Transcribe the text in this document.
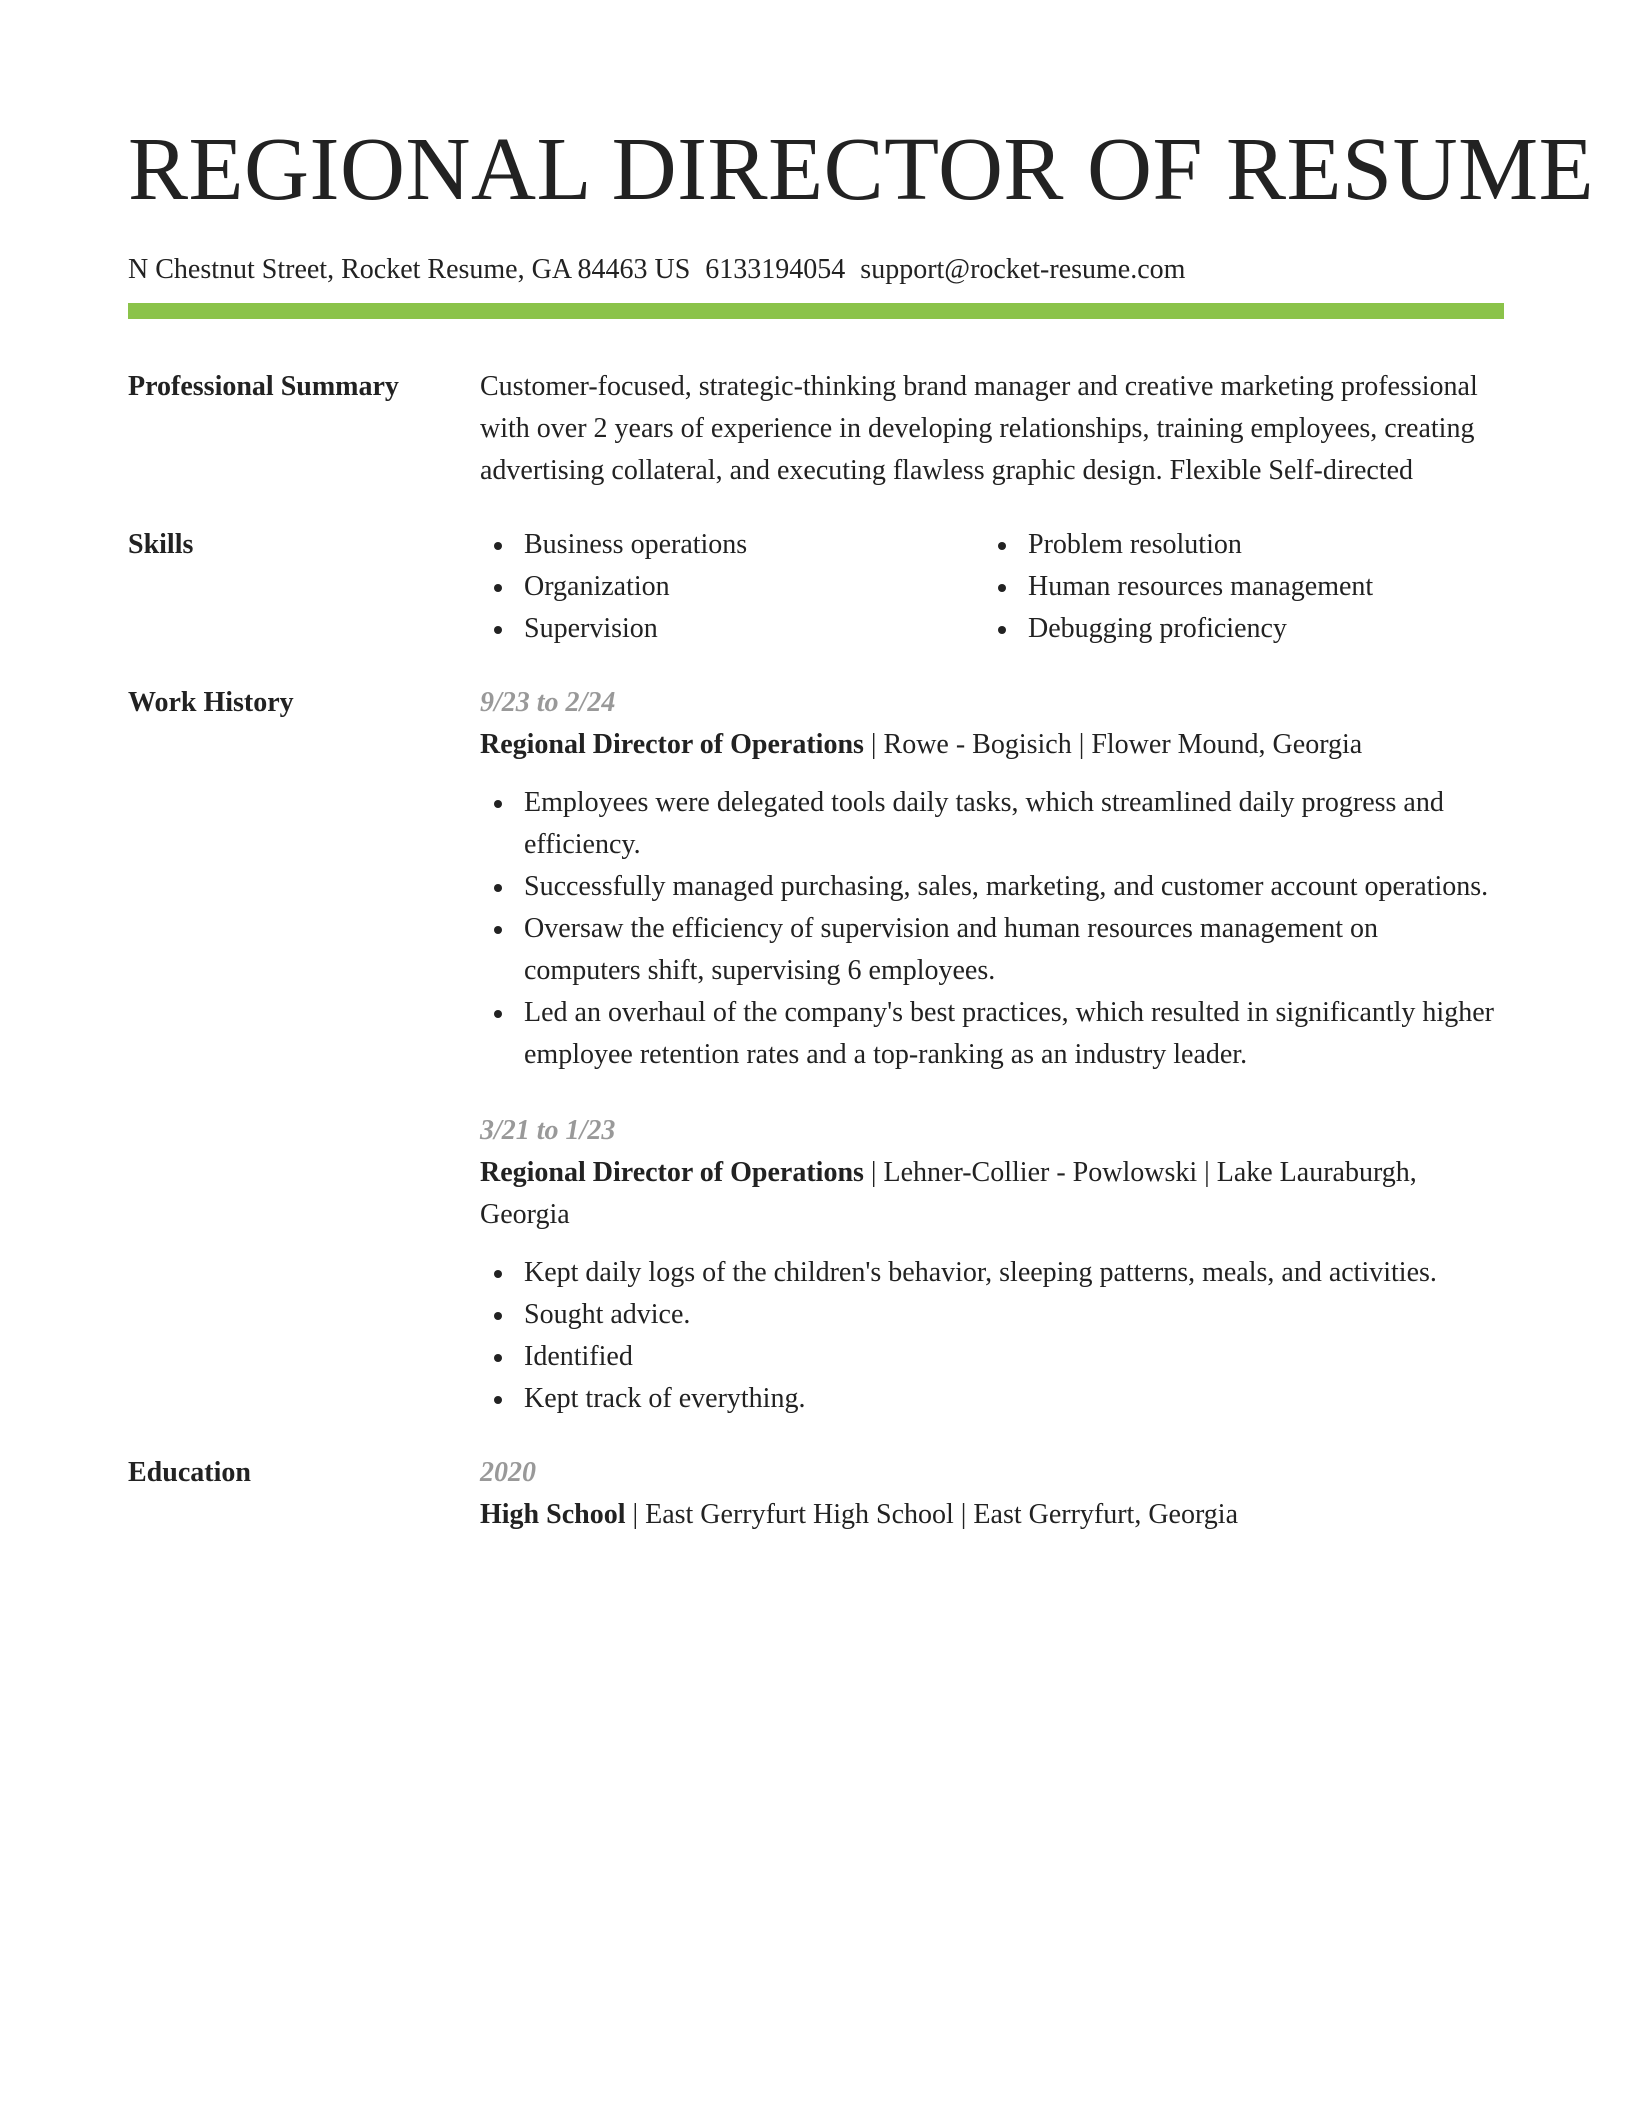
REGIONAL DIRECTOR OF RESUME
N Chestnut Street, Rocket Resume, GA 84463 US 6133194054 support@rocket-resume.com
Professional Summary	Customer-focused, strategic-thinking brand manager and creative marketing professional with over 2 years of experience in developing relationships, training employees, creating advertising collateral, and executing flawless graphic design. Flexible Self-directed
Skills	Business operations
Organization
Supervision
Problem resolution
Human resources management
Debugging proficiency
Work History	9/23 to 2/24
Regional Director of Operations | Rowe - Bogisich | Flower Mound, Georgia
Employees were delegated tools daily tasks, which streamlined daily progress and efficiency.
Successfully managed purchasing, sales, marketing, and customer account operations.
Oversaw the efficiency of supervision and human resources management on computers shift, supervising 6 employees.
Led an overhaul of the company's best practices, which resulted in significantly higher employee retention rates and a top-ranking as an industry leader.
3/21 to 1/23
Regional Director of Operations | Lehner-Collier - Powlowski | Lake Lauraburgh, Georgia
Kept daily logs of the children's behavior, sleeping patterns, meals, and activities.
Sought advice.
Identified
Kept track of everything.
Education	2020
High School | East Gerryfurt High School | East Gerryfurt, Georgia
